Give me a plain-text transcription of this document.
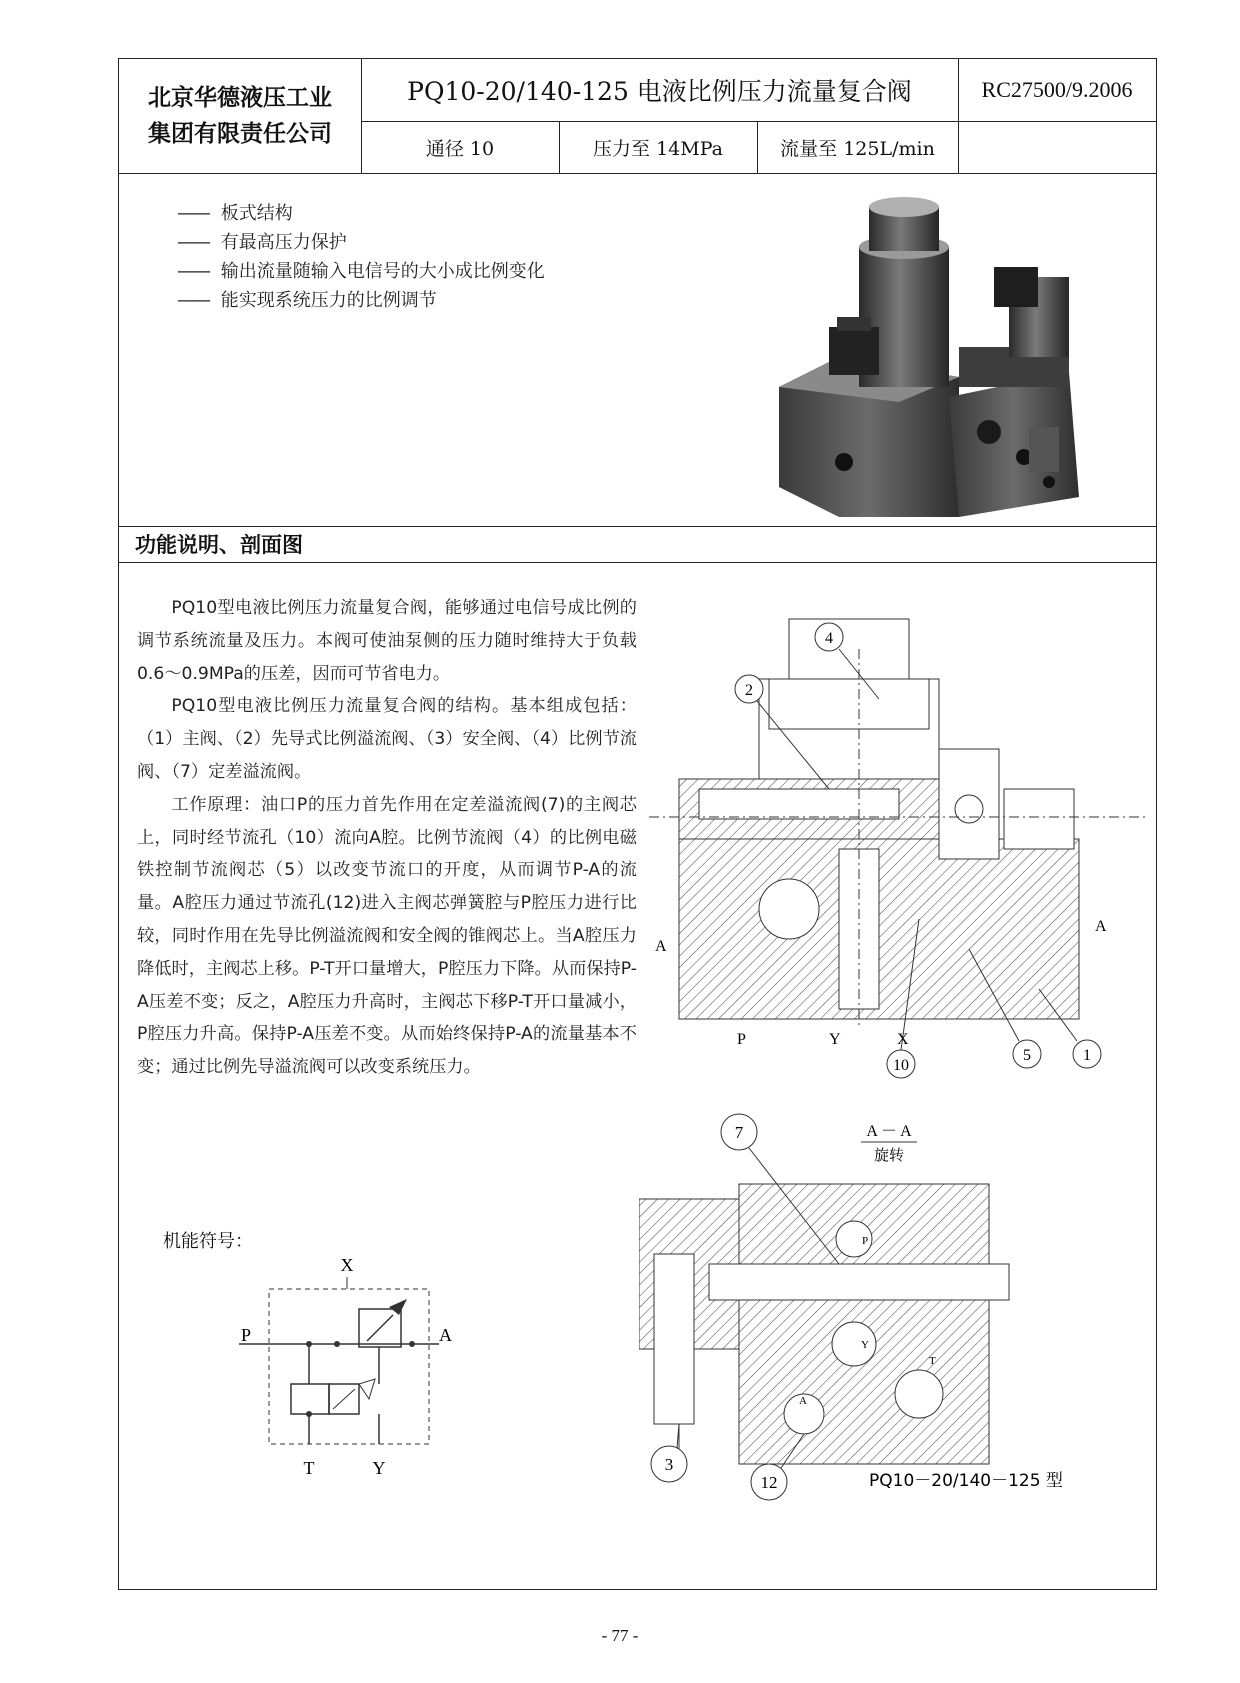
北京华德液压工业
集团有限责任公司
PQ10-20/140-125 电液比例压力流量复合阀	RC27500/9.2006
通径 10	压力至 14MPa	流量至 125L/min
—— 板式结构
—— 有最高压力保护
—— 输出流量随输入电信号的大小成比例变化
—— 能实现系统压力的比例调节
功能说明、剖面图

PQ10型电液比例压力流量复合阀，能够通过电信号成比例的调节系统流量及压力。本阀可使油泵侧的压力随时维持大于负载0.6～0.9MPa的压差，因而可节省电力。

PQ10型电液比例压力流量复合阀的结构。基本组成包括：（1）主阀、（2）先导式比例溢流阀、（3）安全阀、（4）比例节流阀、（7）定差溢流阀。

工作原理：油口P的压力首先作用在定差溢流阀(7)的主阀芯上，同时经节流孔（10）流向A腔。比例节流阀（4）的比例电磁铁控制节流阀芯（5）以改变节流口的开度，从而调节P-A的流量。A腔压力通过节流孔(12)进入主阀芯弹簧腔与P腔压力进行比较，同时作用在先导比例溢流阀和安全阀的锥阀芯上。当A腔压力降低时，主阀芯上移。P-T开口量增大，P腔压力下降。从而保持P-A压差不变；反之，A腔压力升高时，主阀芯下移P-T开口量减小，P腔压力升高。保持P-A压差不变。从而始终保持P-A的流量基本不变；通过比例先导溢流阀可以改变系统压力。

机能符号：
X
P	A
T	Y
4
2
10
5	1
A
A
P	Y	X
A － A
旋转
P
Y
T
A
7
3
12	PQ10－20/140－125 型
- 77 -
